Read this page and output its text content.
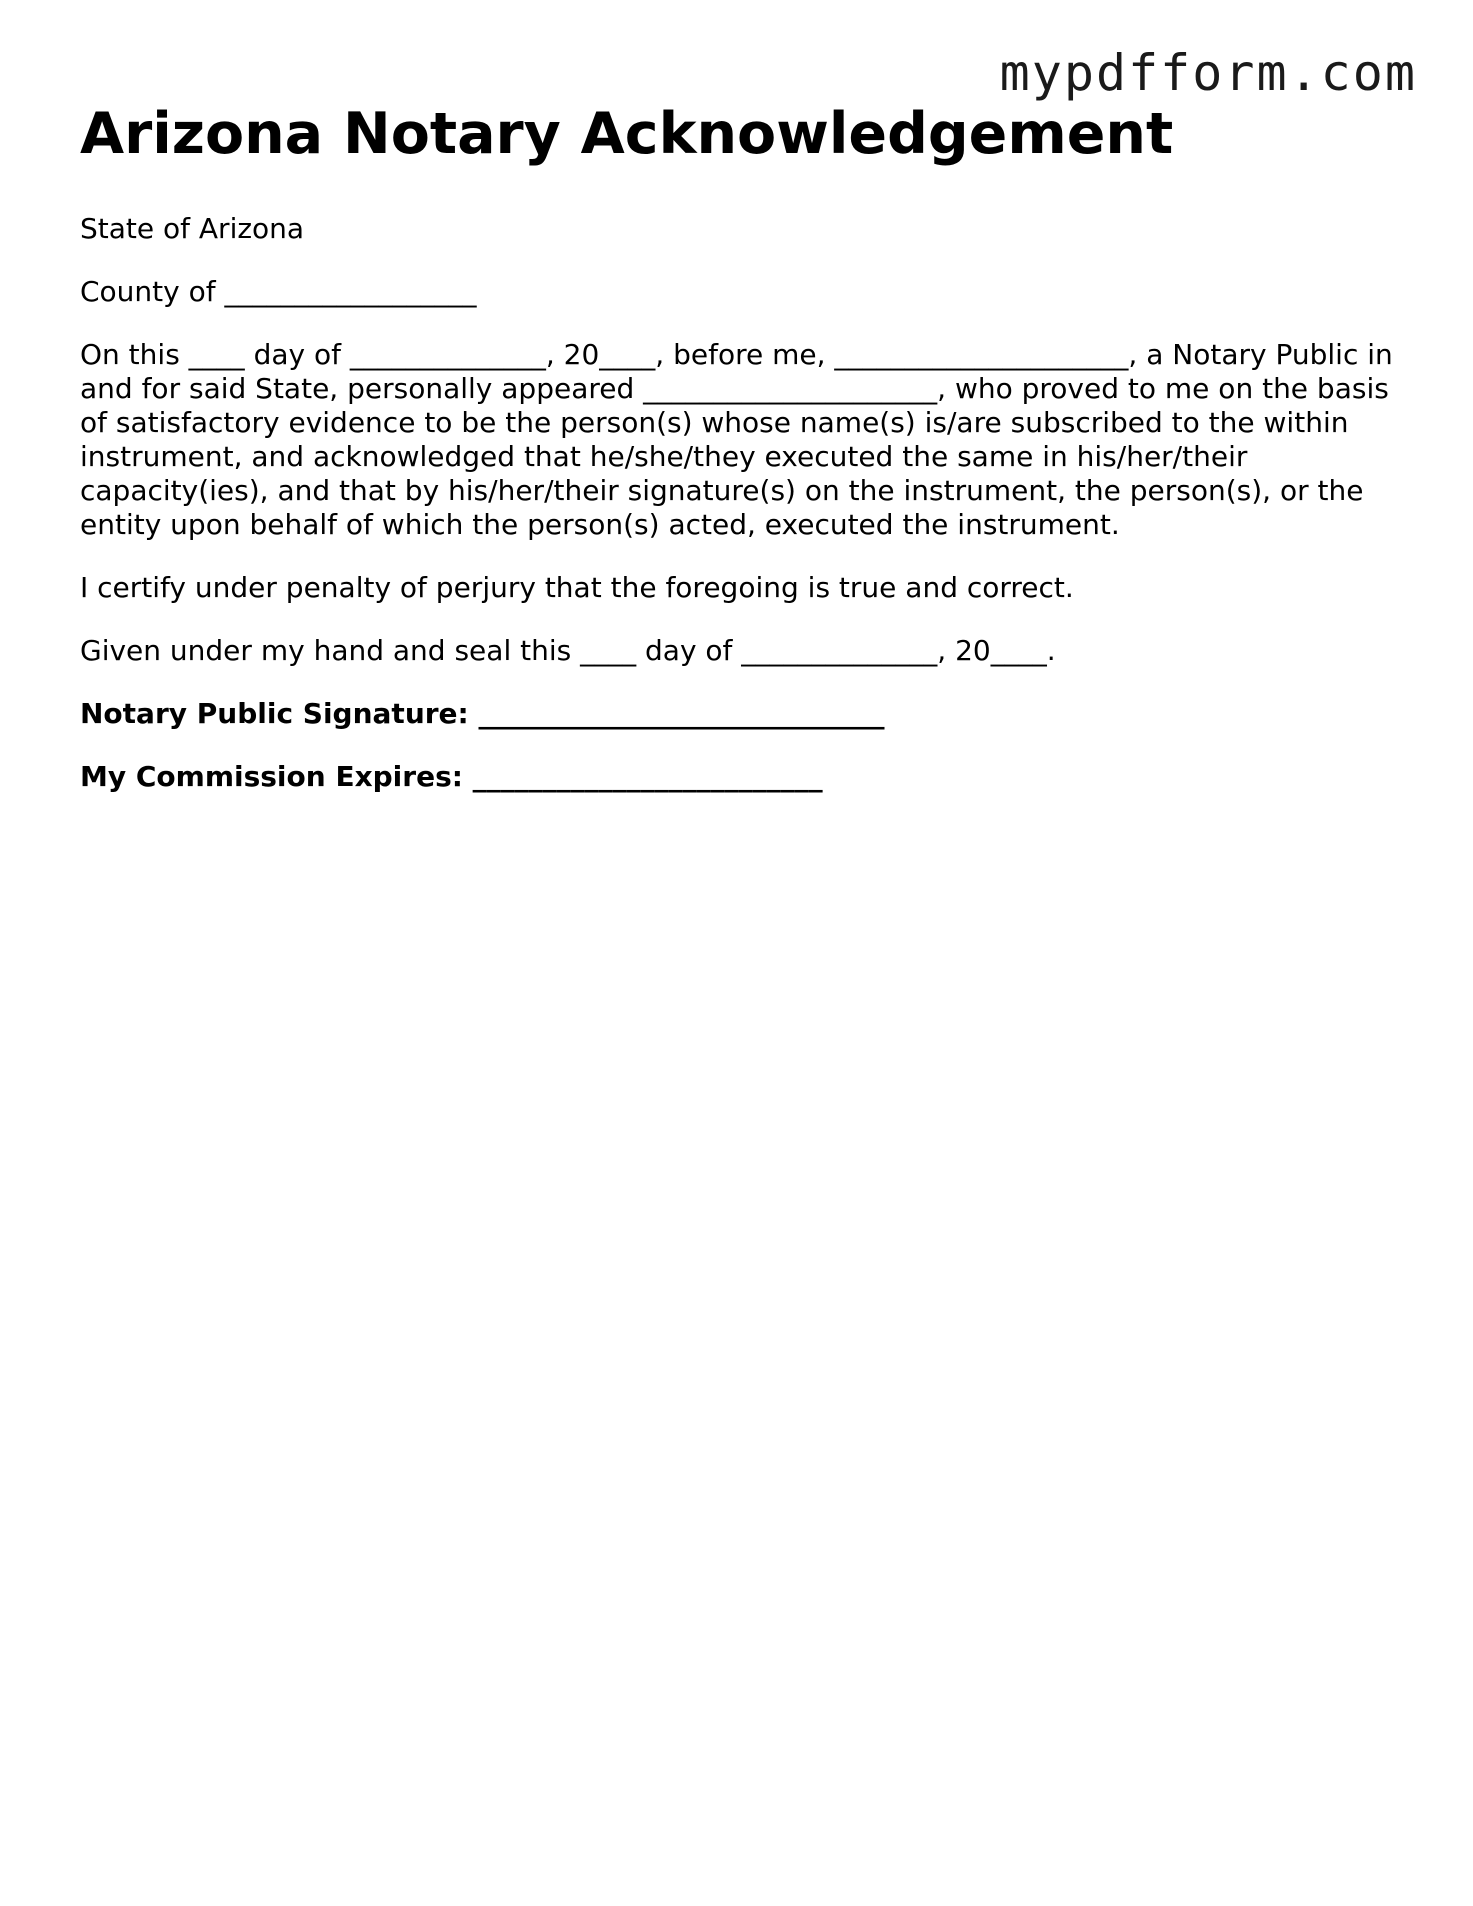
mypdfform.com
Arizona Notary Acknowledgement

State of Arizona

County of __________________

On this ____ day of ______________, 20____, before me, _____________________, a Notary Public in and for said State, personally appeared _____________________, who proved to me on the basis of satisfactory evidence to be the person(s) whose name(s) is/are subscribed to the within instrument, and acknowledged that he/she/they executed the same in his/her/their capacity(ies), and that by his/her/their signature(s) on the instrument, the person(s), or the entity upon behalf of which the person(s) acted, executed the instrument.

I certify under penalty of perjury that the foregoing is true and correct.

Given under my hand and seal this ____ day of ______________, 20____.

Notary Public Signature: _____________________________

My Commission Expires: _________________________
